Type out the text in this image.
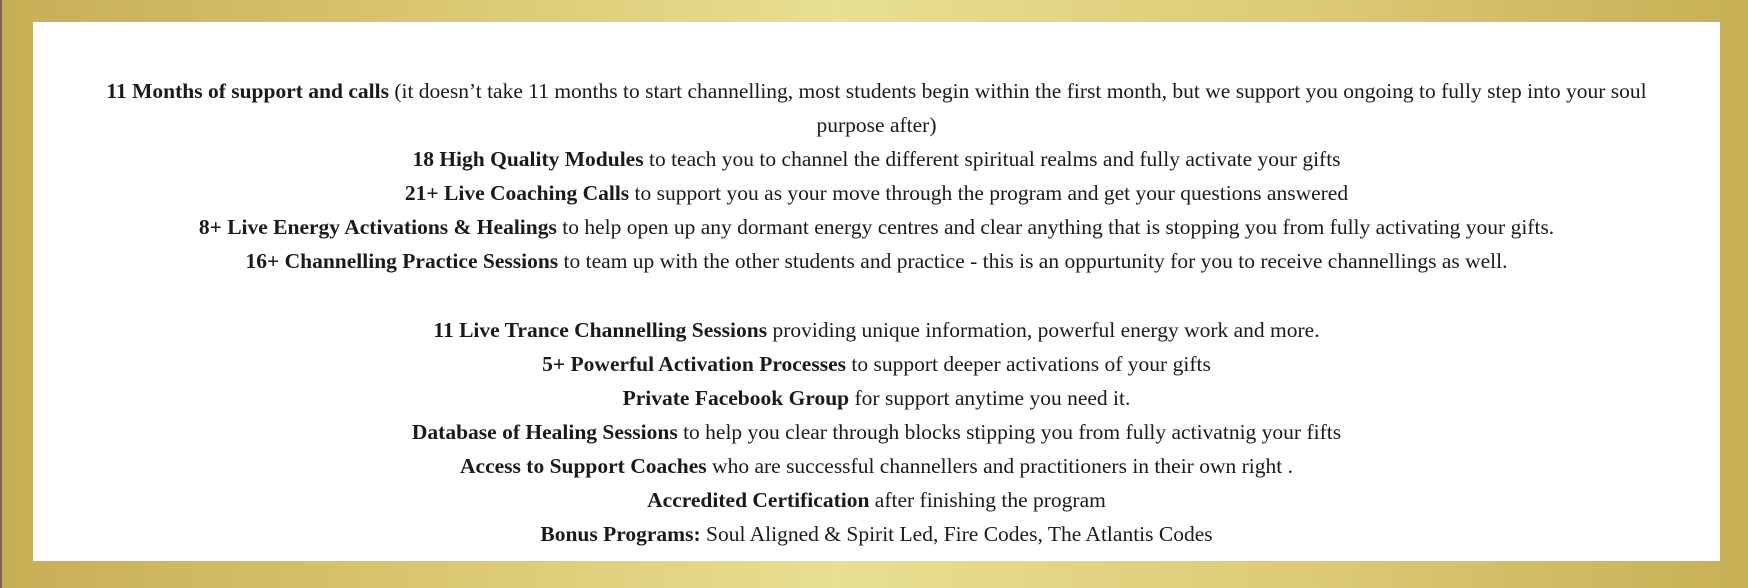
11 Months of support and calls (it doesn’t take 11 months to start channelling, most students begin within the first month, but we support you ongoing to fully step into your soul purpose after)
18 High Quality Modules to teach you to channel the different spiritual realms and fully activate your gifts
21+ Live Coaching Calls to support you as your move through the program and get your questions answered
8+ Live Energy Activations & Healings to help open up any dormant energy centres and clear anything that is stopping you from fully activating your gifts.
16+ Channelling Practice Sessions to team up with the other students and practice - this is an oppurtunity for you to receive channellings as well.
11 Live Trance Channelling Sessions providing unique information, powerful energy work and more.
5+ Powerful Activation Processes to support deeper activations of your gifts
Private Facebook Group for support anytime you need it.
Database of Healing Sessions to help you clear through blocks stipping you from fully activatnig your fifts
Access to Support Coaches who are successful channellers and practitioners in their own right .
Accredited Certification after finishing the program
Bonus Programs: Soul Aligned & Spirit Led, Fire Codes, The Atlantis Codes
